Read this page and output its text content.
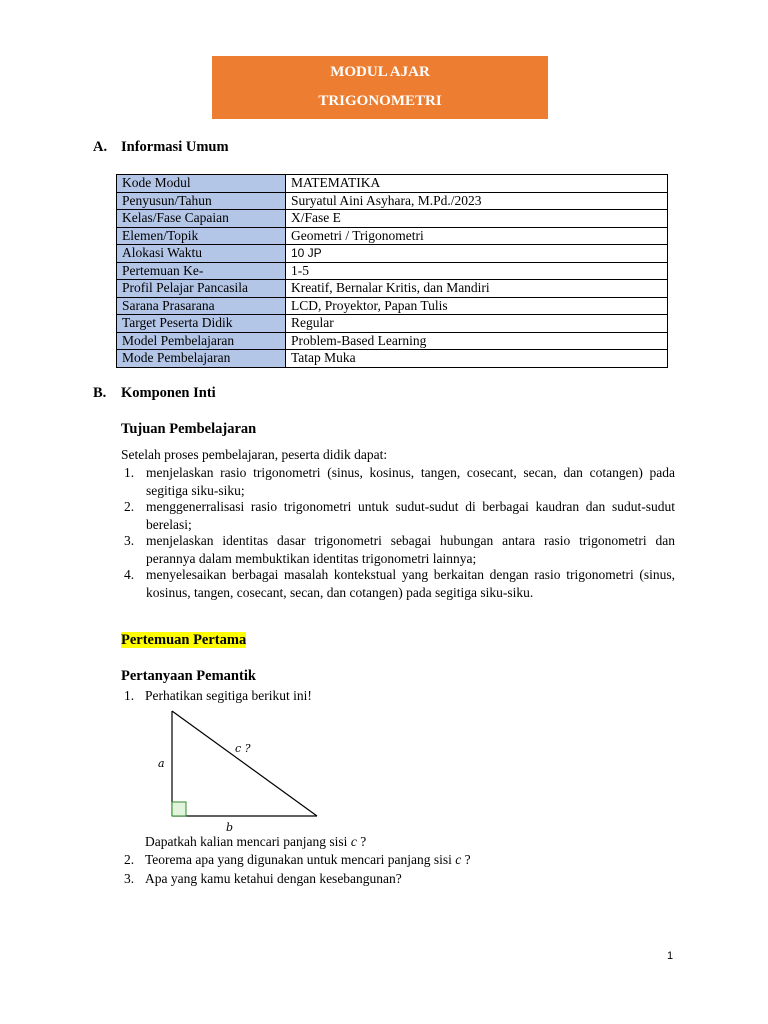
MODUL AJAR
TRIGONOMETRI
A. Informasi Umum
Kode Modul	MATEMATIKA
Penyusun/Tahun	Suryatul Aini Asyhara, M.Pd./2023
Kelas/Fase Capaian	X/Fase E
Elemen/Topik	Geometri / Trigonometri
Alokasi Waktu	10 JP
Pertemuan Ke-	1-5
Profil Pelajar Pancasila	Kreatif, Bernalar Kritis, dan Mandiri
Sarana Prasarana	LCD, Proyektor, Papan Tulis
Target Peserta Didik	Regular
Model Pembelajaran	Problem-Based Learning
Mode Pembelajaran	Tatap Muka
B. Komponen Inti
Tujuan Pembelajaran
Setelah proses pembelajaran, peserta didik dapat:
1. menjelaskan rasio trigonometri (sinus, kosinus, tangen, cosecant, secan, dan cotangen) pada segitiga siku-siku;
2. menggenerralisasi rasio trigonometri untuk sudut-sudut di berbagai kaudran dan sudut-sudut berelasi;
3. menjelaskan identitas dasar trigonometri sebagai hubungan antara rasio trigonometri dan perannya dalam membuktikan identitas trigonometri lainnya;
4. menyelesaikan berbagai masalah kontekstual yang berkaitan dengan rasio trigonometri (sinus, kosinus, tangen, cosecant, secan, dan cotangen) pada segitiga siku-siku.
Pertemuan Pertama
Pertanyaan Pemantik
1. Perhatikan segitiga berikut ini!
a
b
c ?
Dapatkah kalian mencari panjang sisi c ?
2. Teorema apa yang digunakan untuk mencari panjang sisi c ?
3. Apa yang kamu ketahui dengan kesebangunan?
1
